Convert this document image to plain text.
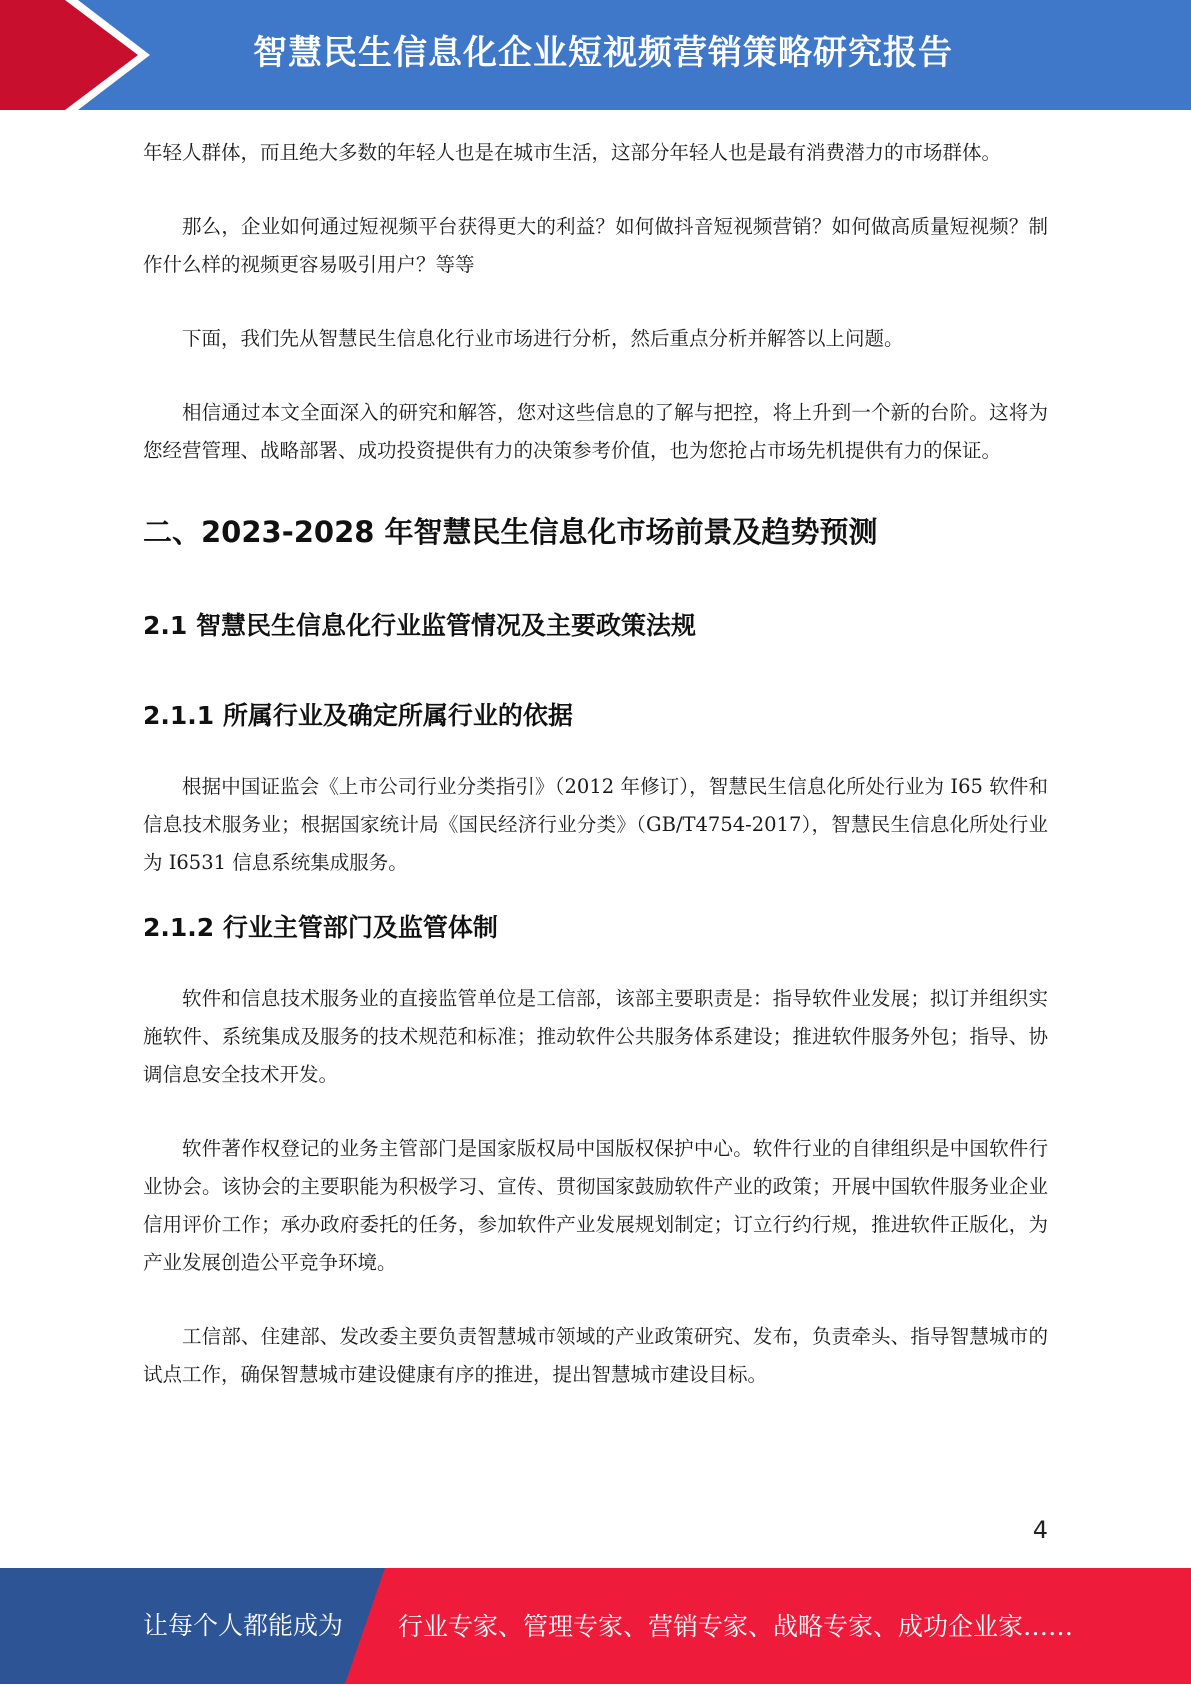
智慧民生信息化企业短视频营销策略研究报告

年轻人群体，而且绝大多数的年轻人也是在城市生活，这部分年轻人也是最有消费潜力的市场群体。

那么，企业如何通过短视频平台获得更大的利益？如何做抖音短视频营销？如何做高质量短视频？制作什么样的视频更容易吸引用户？等等

下面，我们先从智慧民生信息化行业市场进行分析，然后重点分析并解答以上问题。

相信通过本文全面深入的研究和解答，您对这些信息的了解与把控，将上升到一个新的台阶。这将为您经营管理、战略部署、成功投资提供有力的决策参考价值，也为您抢占市场先机提供有力的保证。

二、2023-2028 年智慧民生信息化市场前景及趋势预测
2.1 智慧民生信息化行业监管情况及主要政策法规
2.1.1 所属行业及确定所属行业的依据

根据中国证监会《上市公司行业分类指引》（2012 年修订），智慧民生信息化所处行业为 I65 软件和信息技术服务业；根据国家统计局《国民经济行业分类》（GB/T4754-2017），智慧民生信息化所处行业为 I6531 信息系统集成服务。

2.1.2 行业主管部门及监管体制

软件和信息技术服务业的直接监管单位是工信部，该部主要职责是：指导软件业发展；拟订并组织实施软件、系统集成及服务的技术规范和标准；推动软件公共服务体系建设；推进软件服务外包；指导、协调信息安全技术开发。

软件著作权登记的业务主管部门是国家版权局中国版权保护中心。软件行业的自律组织是中国软件行业协会。该协会的主要职能为积极学习、宣传、贯彻国家鼓励软件产业的政策；开展中国软件服务业企业信用评价工作；承办政府委托的任务，参加软件产业发展规划制定；订立行约行规，推进软件正版化，为产业发展创造公平竞争环境。

工信部、住建部、发改委主要负责智慧城市领域的产业政策研究、发布，负责牵头、指导智慧城市的试点工作，确保智慧城市建设健康有序的推进，提出智慧城市建设目标。

4
让每个人都能成为 行业专家、管理专家、营销专家、战略专家、成功企业家……
